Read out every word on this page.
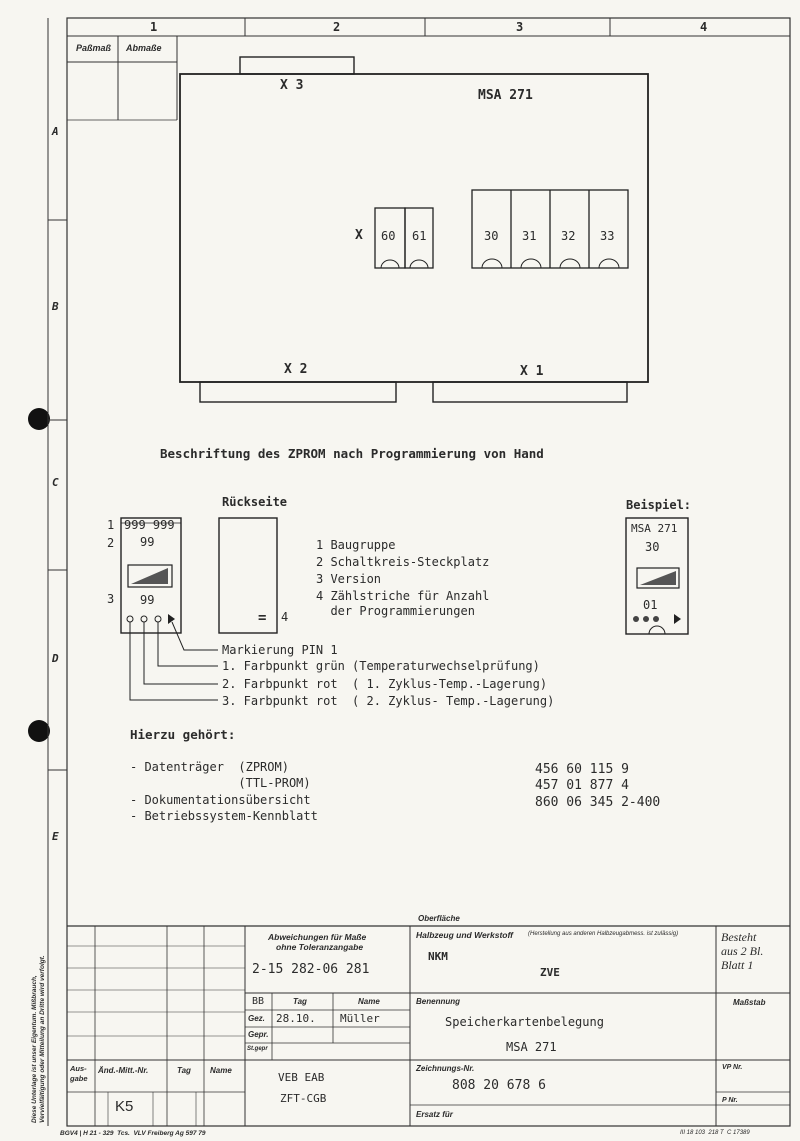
1	2	3	4
A
B
C
D
E
Paßmaß Abmaße
X 3
MSA 271
X 60 61	30 31 32 33
X 2	X 1
Beschriftung des ZPROM nach Programmierung von Hand
1
2
3
999 999
99
99
Rückseite
= 4
1 Baugruppe
2 Schaltkreis-Steckplatz
3 Version
4 Zählstriche für Anzahl
der Programmierungen
Beispiel:
MSA 271
30
01
Markierung PIN 1
1. Farbpunkt grün (Temperaturwechselprüfung)
2. Farbpunkt rot  ( 1. Zyklus-Temp.-Lagerung)
3. Farbpunkt rot  ( 2. Zyklus- Temp.-Lagerung)
Hierzu gehört:
- Datenträger  (ZPROM)	456 60 115 9
(TTL-PROM)	457 01 877 4
- Dokumentationsübersicht	860 06 345 2-400
- Betriebssystem-Kennblatt
Oberfläche
Abweichungen für Maße
ohne Toleranzangabe
2-15 282-06 281
Halbzeug und Werkstoff	(Herstellung aus anderen Halbzeugabmess. ist zulässig)
NKM
ZVE
Besteht
aus 2 Bl.
Blatt 1
Maßstab
BB	Tag	Name
Gez. 28.10. Müller
Gepr.
St.gepr
Benennung
Speicherkartenbelegung
MSA 271
Zeichnungs-Nr.
808 20 678 6
Ersatz für
VP Nr.
P Nr.
Aus-
gabe
Änd.-Mitt.-Nr.	Tag Name
K5
VEB EAB
ZFT-CGB
Diese Unterlage ist unser Eigentum. Mißbrauch, Vervielfältigung oder Mitteilung an Dritte wird verfolgt.
BGV4 | H 21 - 329  Tcs.  VLV Freiberg Ag 597 79	III 18 103  218 T  C 17389
